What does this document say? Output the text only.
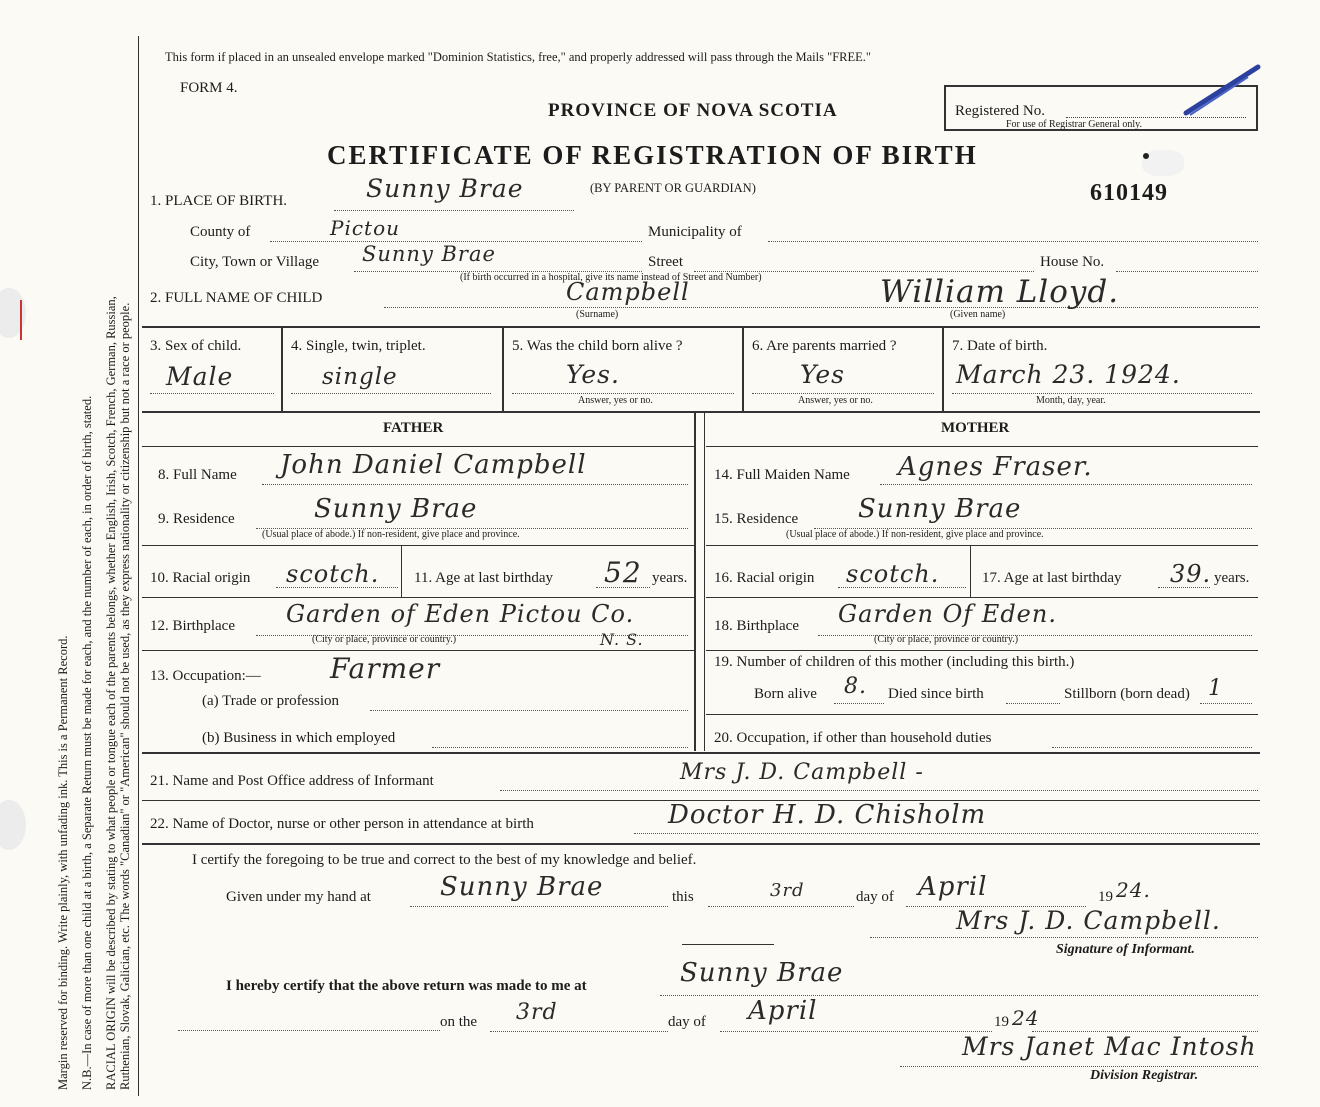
Margin reserved for binding. Write plainly, with unfading ink. This is a Permanent Record. N.B.—In case of more than one child at a birth, a Separate Return must be made for each, and the number of each, in order of birth, stated. RACIAL ORIGIN will be described by stating to what people or tongue each of the parents belongs, whether English, Irish, Scotch, French, German, Russian, Ruthenian, Slovak, Galician, etc. The words "Canadian" or "American" should not be used, as they express nationality or citizenship but not a race or people.
This form if placed in an unsealed envelope marked "Dominion Statistics, free," and properly addressed will pass through the Mails "FREE."
FORM 4.
PROVINCE OF NOVA SCOTIA	Registered No.
For use of Registrar General only.
CERTIFICATE OF REGISTRATION OF BIRTH
(BY PARENT OR GUARDIAN)	610149
1. PLACE OF BIRTH.	Sunny Brae
County of	Pictou	Municipality of
City, Town or Village Sunny Brae	Street	House No.
(If birth occurred in a hospital, give its name instead of Street and Number)
2. FULL NAME OF CHILD	Campbell
(Surname)
William Lloyd.
(Given name)
3. Sex of child.
Male
4. Single, twin, triplet.
single
5. Was the child born alive ?
Yes.
Answer, yes or no.
6. Are parents married ?
Yes
Answer, yes or no.
7. Date of birth.
March 23. 1924.
Month, day, year.
FATHER	MOTHER
8. Full Name John Daniel Campbell
9. Residence	Sunny Brae
(Usual place of abode.) If non-resident, give place and province.
10. Racial origin scotch. 11. Age at last birthday 52 years.
12. Birthplace Garden of Eden Pictou Co.
N. S.
(City or place, province or country.)
13. Occupation:— Farmer
(a) Trade or profession
(b) Business in which employed
14. Full Maiden Name Agnes Fraser.
15. Residence Sunny Brae
(Usual place of abode.) If non-resident, give place and province.
16. Racial origin scotch.	17. Age at last birthday 39. years.
18. Birthplace Garden Of Eden.
(City or place, province or country.)
19. Number of children of this mother (including this birth.)
Born alive 8. Died since birth	Stillborn (born dead) 1
20. Occupation, if other than household duties
21. Name and Post Office address of Informant	Mrs J. D. Campbell -
22. Name of Doctor, nurse or other person in attendance at birth	Doctor H. D. Chisholm
I certify the foregoing to be true and correct to the best of my knowledge and belief.
Given under my hand at	Sunny Brae	this	3rd	day of April	19 24.
Mrs J. D. Campbell.
Signature of Informant.
I hereby certify that the above return was made to me at	Sunny Brae
on the 3rd	day of April	19 24
Mrs Janet Mac Intosh
Division Registrar.
